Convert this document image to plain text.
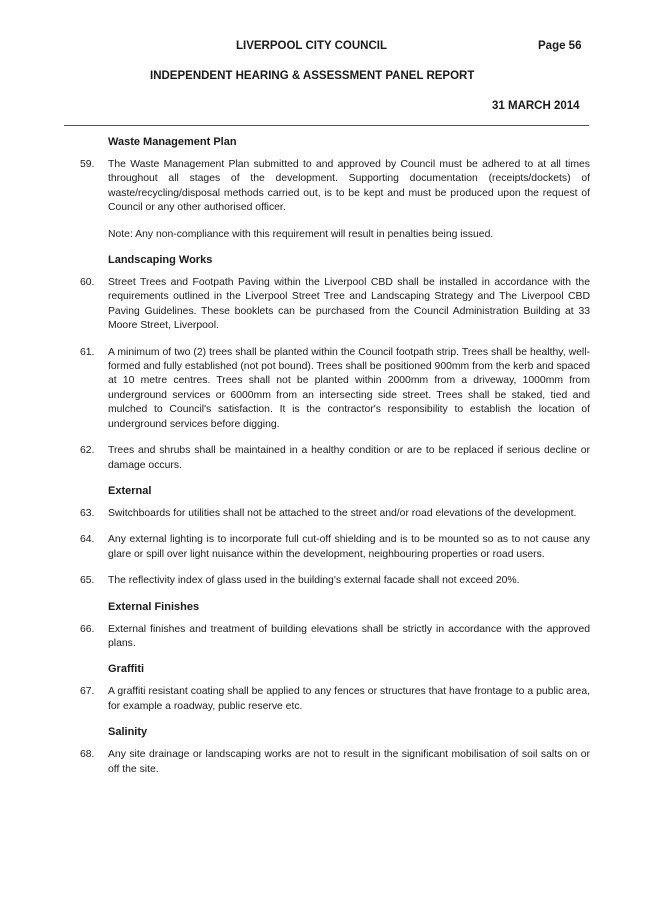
LIVERPOOL CITY COUNCIL	Page 56
INDEPENDENT HEARING & ASSESSMENT PANEL REPORT
31 MARCH 2014
Waste Management Plan
59.	The Waste Management Plan submitted to and approved by Council must be adhered to at all times throughout all stages of the development. Supporting documentation (receipts/dockets) of waste/recycling/disposal methods carried out, is to be kept and must be produced upon the request of Council or any other authorised officer.
Note: Any non-compliance with this requirement will result in penalties being issued.
Landscaping Works
60.	Street Trees and Footpath Paving within the Liverpool CBD shall be installed in accordance with the requirements outlined in the Liverpool Street Tree and Landscaping Strategy and The Liverpool CBD Paving Guidelines. These booklets can be purchased from the Council Administration Building at 33 Moore Street, Liverpool.
61.	A minimum of two (2) trees shall be planted within the Council footpath strip. Trees shall be healthy, well-formed and fully established (not pot bound). Trees shall be positioned 900mm from the kerb and spaced at 10 metre centres. Trees shall not be planted within 2000mm from a driveway, 1000mm from underground services or 6000mm from an intersecting side street. Trees shall be staked, tied and mulched to Council's satisfaction. It is the contractor's responsibility to establish the location of underground services before digging.
62.	Trees and shrubs shall be maintained in a healthy condition or are to be replaced if serious decline or damage occurs.
External
63.	Switchboards for utilities shall not be attached to the street and/or road elevations of the development.
64.	Any external lighting is to incorporate full cut-off shielding and is to be mounted so as to not cause any glare or spill over light nuisance within the development, neighbouring properties or road users.
65.	The reflectivity index of glass used in the building's external facade shall not exceed 20%.
External Finishes
66.	External finishes and treatment of building elevations shall be strictly in accordance with the approved plans.
Graffiti
67.	A graffiti resistant coating shall be applied to any fences or structures that have frontage to a public area, for example a roadway, public reserve etc.
Salinity
68.	Any site drainage or landscaping works are not to result in the significant mobilisation of soil salts on or off the site.
